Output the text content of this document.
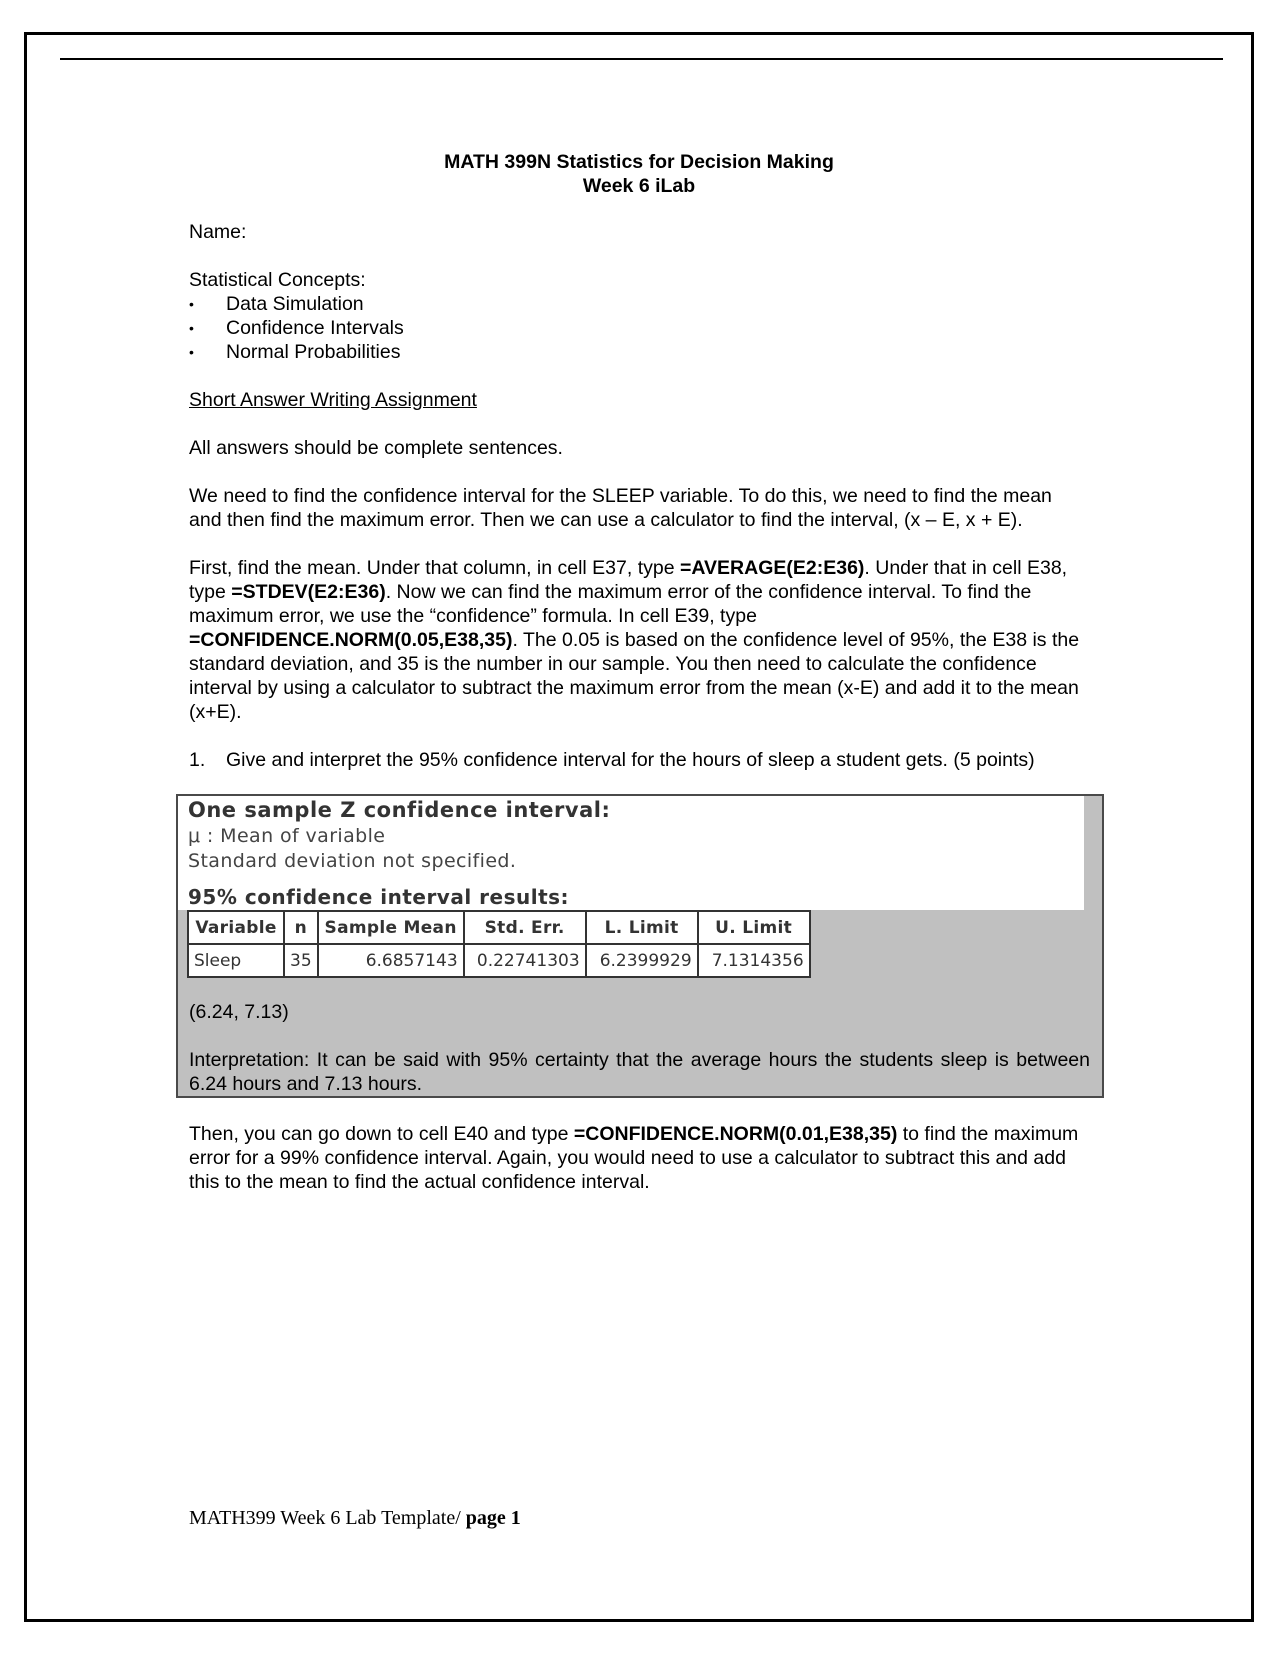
MATH 399N Statistics for Decision Making

Week 6 iLab

Name:

Statistical Concepts:

• Data Simulation
• Confidence Intervals
• Normal Probabilities

Short Answer Writing Assignment

All answers should be complete sentences.

We need to find the confidence interval for the SLEEP variable. To do this, we need to find the mean and then find the maximum error. Then we can use a calculator to find the interval, (x – E, x + E).

First, find the mean. Under that column, in cell E37, type =AVERAGE(E2:E36). Under that in cell E38, type =STDEV(E2:E36). Now we can find the maximum error of the confidence interval. To find the maximum error, we use the “confidence” formula. In cell E39, type =CONFIDENCE.NORM(0.05,E38,35). The 0.05 is based on the confidence level of 95%, the E38 is the standard deviation, and 35 is the number in our sample. You then need to calculate the confidence interval by using a calculator to subtract the maximum error from the mean (x-E) and add it to the mean (x+E).

1. Give and interpret the 95% confidence interval for the hours of sleep a student gets. (5 points)
One sample Z confidence interval:
μ : Mean of variable
Standard deviation not specified.
95% confidence interval results:
Variable	n	Sample Mean	Std. Err.	L. Limit	U. Limit
Sleep	35	6.6857143	0.22741303	6.2399929	7.1314356

(6.24, 7.13)

Interpretation: It can be said with 95% certainty that the average hours the students sleep is between 6.24 hours and 7.13 hours.

Then, you can go down to cell E40 and type =CONFIDENCE.NORM(0.01,E38,35) to find the maximum error for a 99% confidence interval. Again, you would need to use a calculator to subtract this and add this to the mean to find the actual confidence interval.

MATH399 Week 6 Lab Template/ page 1
